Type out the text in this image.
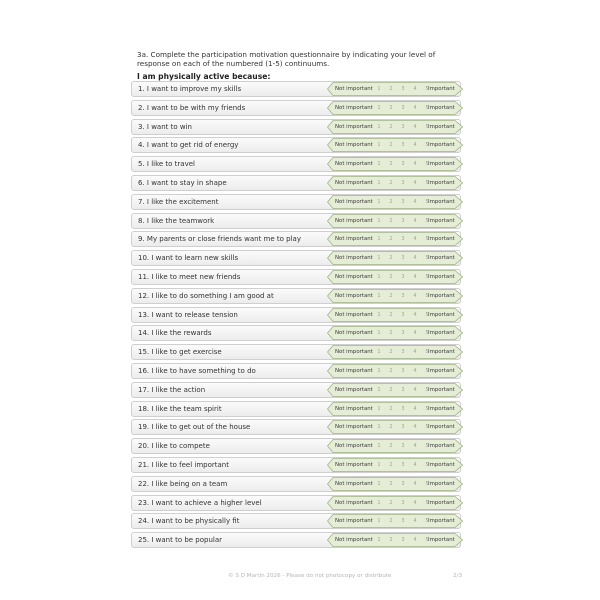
3a. Complete the participation motivation questionnaire by indicating your level of response on each of the numbered (1-5) continuums.
I am physically active because:
1. I want to improve my skills	Not important 1	2	3	4	5 Important
2. I want to be with my friends	Not important 1	2	3	4	5 Important
3. I want to win	Not important 1	2	3	4	5 Important
4. I want to get rid of energy	Not important 1	2	3	4	5 Important
5. I like to travel	Not important 1	2	3	4	5 Important
6. I want to stay in shape	Not important 1	2	3	4	5 Important
7. I like the excitement	Not important 1	2	3	4	5 Important
8. I like the teamwork	Not important 1	2	3	4	5 Important
9. My parents or close friends want me to play	Not important 1	2	3	4	5 Important
10. I want to learn new skills	Not important 1	2	3	4	5 Important
11. I like to meet new friends	Not important 1	2	3	4	5 Important
12. I like to do something I am good at	Not important 1	2	3	4	5 Important
13. I want to release tension	Not important 1	2	3	4	5 Important
14. I like the rewards	Not important 1	2	3	4	5 Important
15. I like to get exercise	Not important 1	2	3	4	5 Important
16. I like to have something to do	Not important 1	2	3	4	5 Important
17. I like the action	Not important 1	2	3	4	5 Important
18. I like the team spirit	Not important 1	2	3	4	5 Important
19. I like to get out of the house	Not important 1	2	3	4	5 Important
20. I like to compete	Not important 1	2	3	4	5 Important
21. I like to feel important	Not important 1	2	3	4	5 Important
22. I like being on a team	Not important 1	2	3	4	5 Important
23. I want to achieve a higher level	Not important 1	2	3	4	5 Important
24. I want to be physically fit	Not important 1	2	3	4	5 Important
25. I want to be popular	Not important 1	2	3	4	5 Important
© S D Martin 2026 - Please do not photocopy or distribute	2/3
